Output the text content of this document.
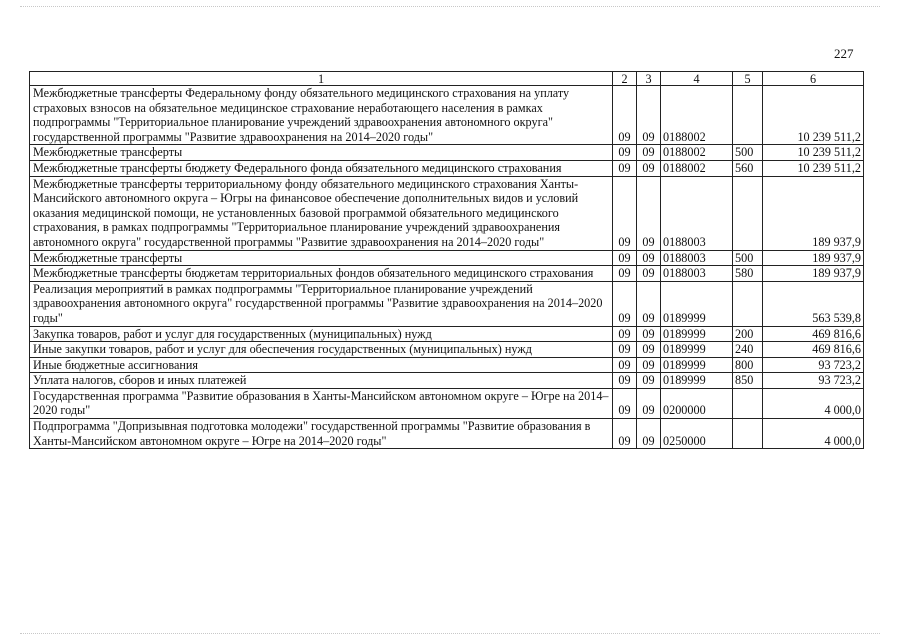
227
1	2	3	4	5	6
Межбюджетные трансферты Федеральному фонду обязательного медицинского страхования на уплату страховых взносов на обязательное медицинское страхование неработающего населения в рамках подпрограммы "Территориальное планирование учреждений здравоохранения автономного округа" государственной программы "Развитие здравоохранения на 2014–2020 годы"	09	09	0188002		10 239 511,2
Межбюджетные трансферты	09	09	0188002	500	10 239 511,2
Межбюджетные трансферты бюджету Федерального фонда обязательного медицинского страхования	09	09	0188002	560	10 239 511,2
Межбюджетные трансферты территориальному фонду обязательного медицинского страхования Ханты-Мансийского автономного округа – Югры на финансовое обеспечение дополнительных видов и условий оказания медицинской помощи, не установленных базовой программой обязательного медицинского страхования, в рамках подпрограммы "Территориальное планирование учреждений здравоохранения автономного округа" государственной программы "Развитие здравоохранения на 2014–2020 годы"	09	09	0188003		189 937,9
Межбюджетные трансферты	09	09	0188003	500	189 937,9
Межбюджетные трансферты бюджетам территориальных фондов обязательного медицинского страхования	09	09	0188003	580	189 937,9
Реализация мероприятий в рамках подпрограммы "Территориальное планирование учреждений здравоохранения автономного округа" государственной программы "Развитие здравоохранения на 2014–2020 годы"	09	09	0189999		563 539,8
Закупка товаров, работ и услуг для государственных (муниципальных) нужд	09	09	0189999	200	469 816,6
Иные закупки товаров, работ и услуг для обеспечения государственных (муниципальных) нужд	09	09	0189999	240	469 816,6
Иные бюджетные ассигнования	09	09	0189999	800	93 723,2
Уплата налогов, сборов и иных платежей	09	09	0189999	850	93 723,2
Государственная программа "Развитие образования в Ханты-Мансийском автономном округе – Югре на 2014–2020 годы"	09	09	0200000		4 000,0
Подпрограмма "Допризывная подготовка молодежи" государственной программы "Развитие образования в Ханты-Мансийском автономном округе – Югре на 2014–2020 годы"	09	09	0250000		4 000,0
